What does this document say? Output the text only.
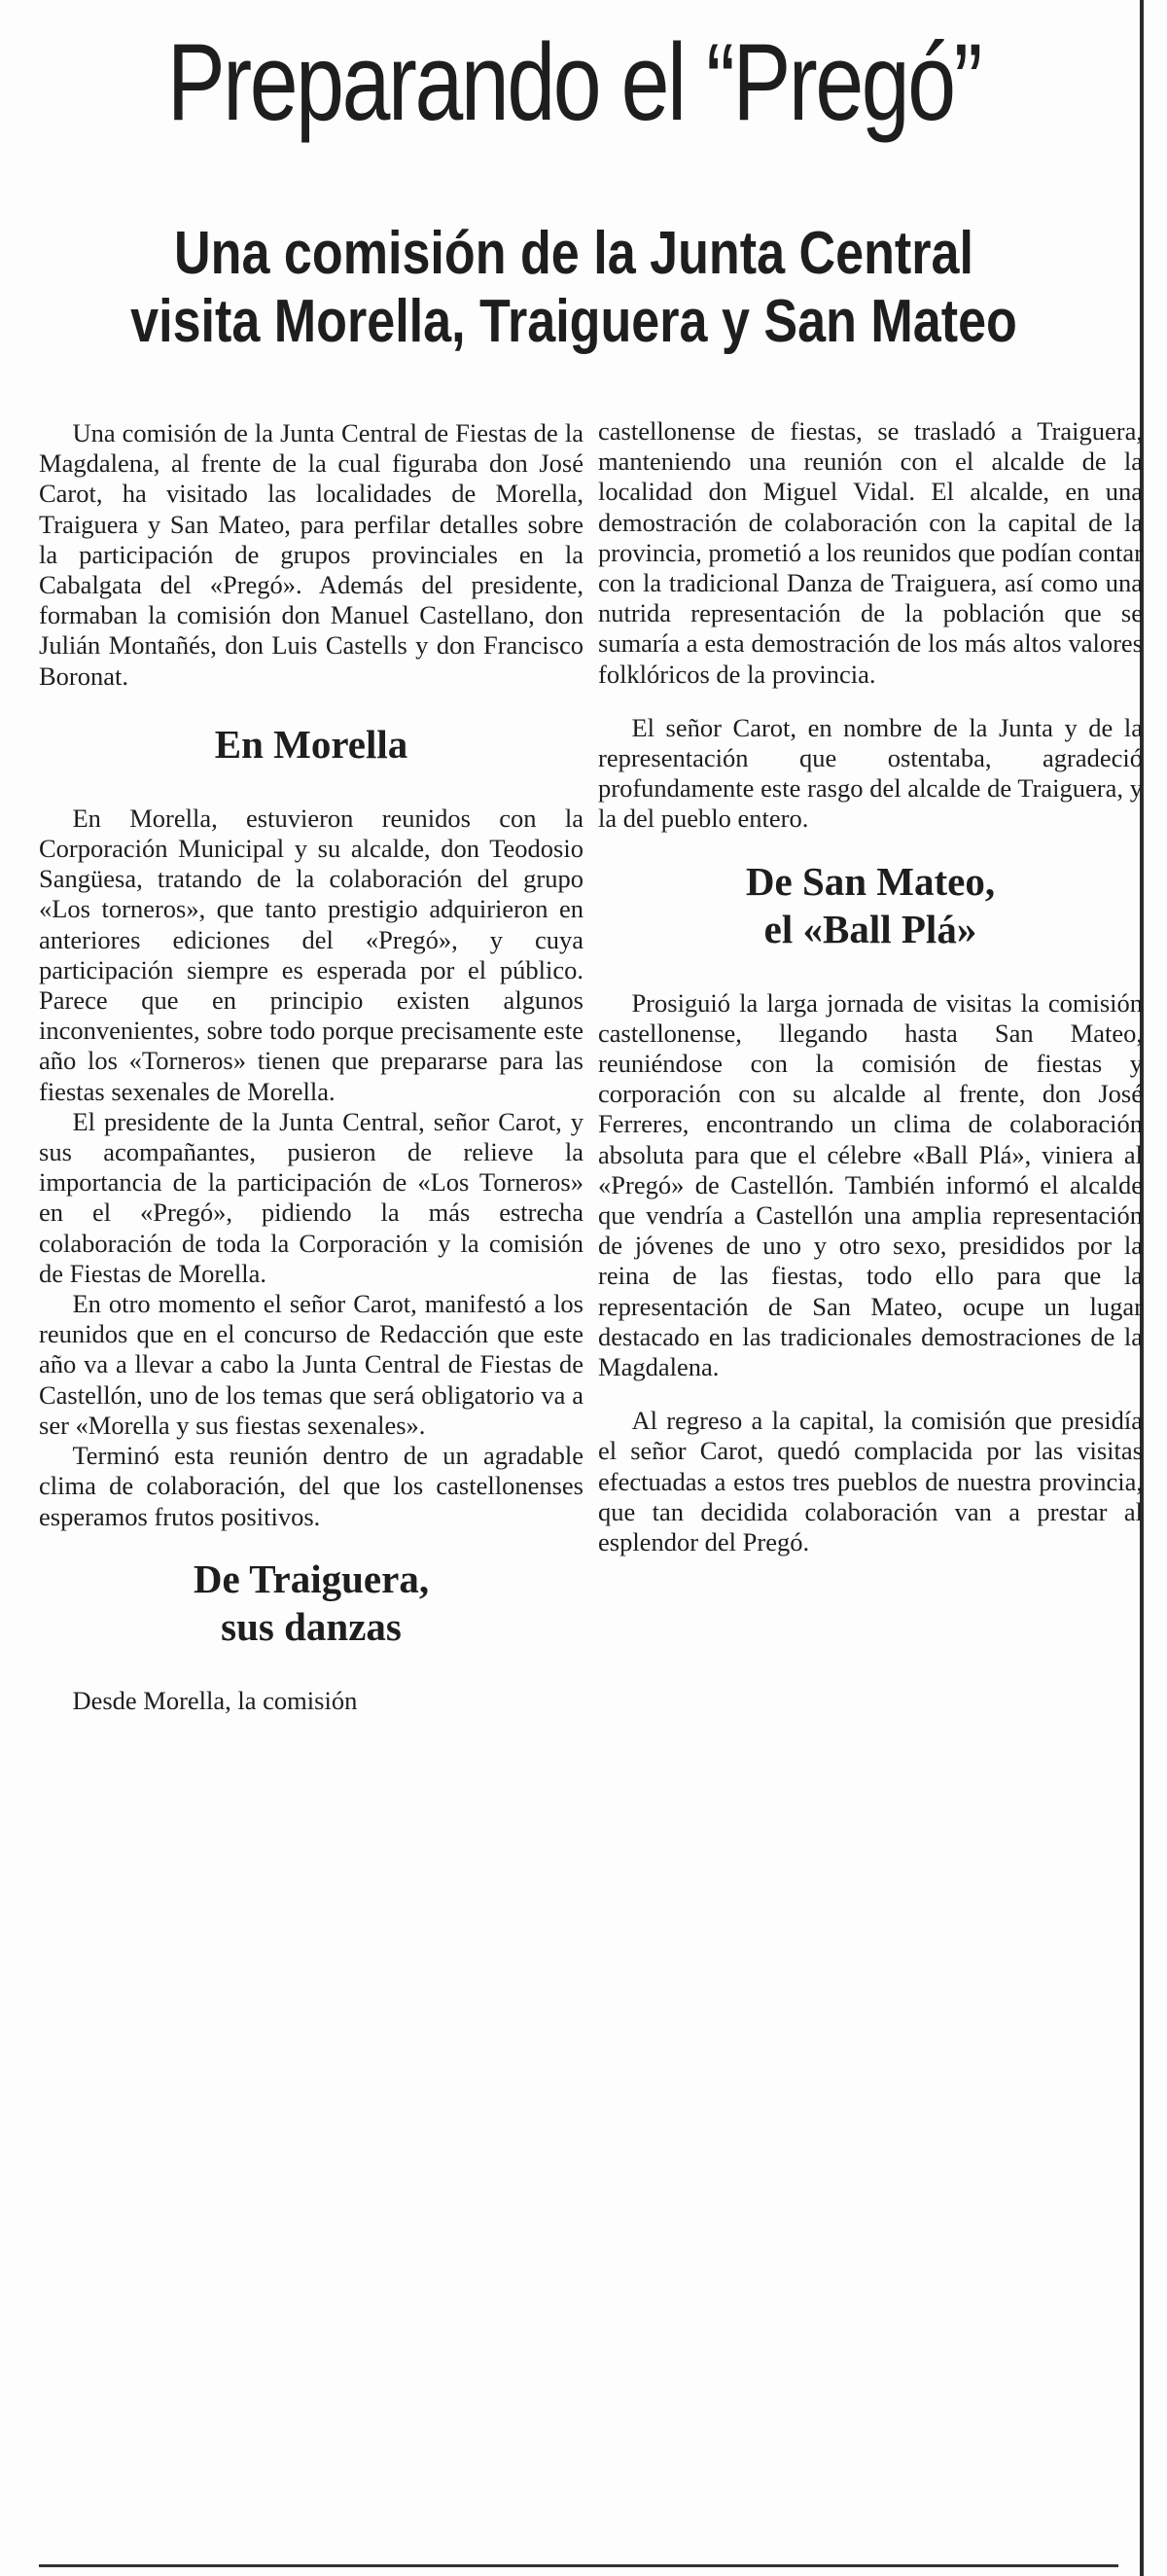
Preparando el “Pregó”
Una comisión de la Junta Central
visita Morella, Traiguera y San Mateo

Una comisión de la Junta Central de Fiestas de la Magdalena, al frente de la cual figuraba don José Carot, ha visitado las localidades de Morella, Traiguera y San Mateo, para perfilar detalles sobre la participación de grupos provinciales en la Cabalgata del «Pregó». Además del presidente, formaban la comisión don Manuel Castellano, don Julián Montañés, don Luis Castells y don Francisco Boronat.

En Morella

En Morella, estuvieron reunidos con la Corporación Municipal y su alcalde, don Teodosio Sangüesa, tratando de la colaboración del grupo «Los torneros», que tanto prestigio adquirieron en anteriores ediciones del «Pregó», y cuya participación siempre es esperada por el público. Parece que en principio existen algunos inconvenientes, sobre todo porque precisamente este año los «Torneros» tienen que prepararse para las fiestas sexenales de Morella.

El presidente de la Junta Central, señor Carot, y sus acompañantes, pusieron de relieve la importancia de la participación de «Los Torneros» en el «Pregó», pidiendo la más estrecha colaboración de toda la Corporación y la comisión de Fiestas de Morella.

En otro momento el señor Carot, manifestó a los reunidos que en el concurso de Redacción que este año va a llevar a cabo la Junta Central de Fiestas de Castellón, uno de los temas que será obligatorio va a ser «Morella y sus fiestas sexenales».

Terminó esta reunión dentro de un agradable clima de colaboración, del que los castellonenses esperamos frutos positivos.

De Traiguera,
sus danzas

Desde Morella, la comisión

castellonense de fiestas, se trasladó a Traiguera, manteniendo una reunión con el alcalde de la localidad don Miguel Vidal. El alcalde, en una demostración de colaboración con la capital de la provincia, prometió a los reunidos que podían contar con la tradicional Danza de Traiguera, así como una nutrida representación de la población que se sumaría a esta demostración de los más altos valores folklóricos de la provincia.

El señor Carot, en nombre de la Junta y de la representación que ostentaba, agradeció profundamente este rasgo del alcalde de Traiguera, y la del pueblo entero.

De San Mateo,
el «Ball Plá»

Prosiguió la larga jornada de visitas la comisión castellonense, llegando hasta San Mateo, reuniéndose con la comisión de fiestas y corporación con su alcalde al frente, don José Ferreres, encontrando un clima de colaboración absoluta para que el célebre «Ball Plá», viniera al «Pregó» de Castellón. También informó el alcalde que vendría a Castellón una amplia representación de jóvenes de uno y otro sexo, presididos por la reina de las fiestas, todo ello para que la representación de San Mateo, ocupe un lugar destacado en las tradicionales demostraciones de la Magdalena.

Al regreso a la capital, la comisión que presidía el señor Carot, quedó complacida por las visitas efectuadas a estos tres pueblos de nuestra provincia, que tan decidida colaboración van a prestar al esplendor del Pregó.
